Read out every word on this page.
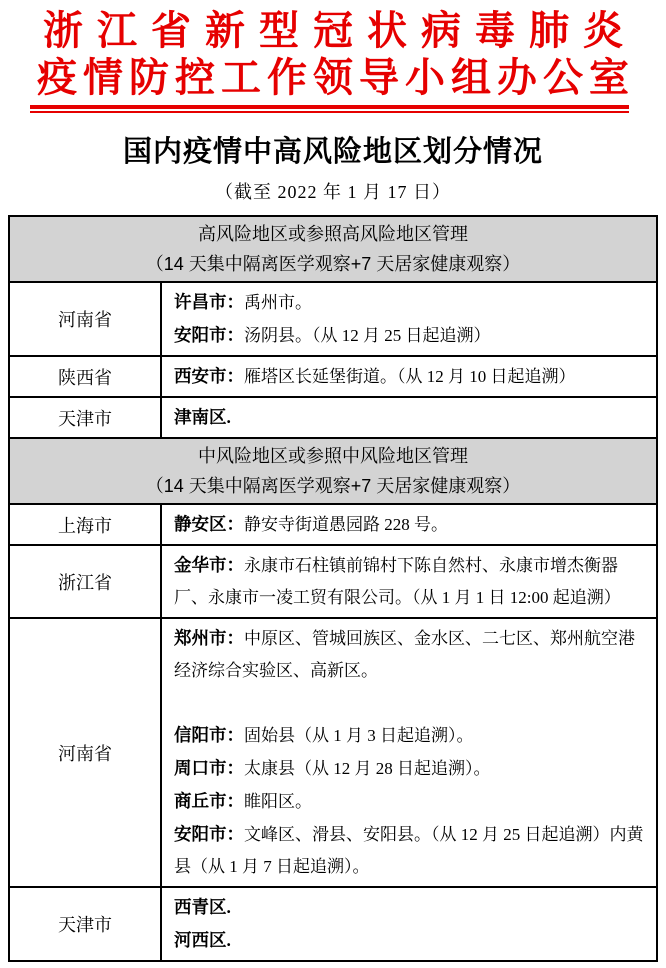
浙江省新型冠状病毒肺炎
疫情防控工作领导小组办公室
国内疫情中高风险地区划分情况
（截至 2022 年 1 月 17 日）
高风险地区或参照高风险地区管理
（14 天集中隔离医学观察+7 天居家健康观察）	

河南省	许昌市：禹州市。

安阳市：汤阴县。（从 12 月 25 日起追溯）

陕西省	西安市：雁塔区长延堡街道。（从 12 月 10 日起追溯）

天津市	津南区.

中风险地区或参照中风险地区管理
（14 天集中隔离医学观察+7 天居家健康观察）	

上海市	静安区：静安寺街道愚园路 228 号。

浙江省	金华市：永康市石柱镇前锦村下陈自然村、永康市增杰衡器厂、永康市一凌工贸有限公司。（从 1 月 1 日 12:00 起追溯）

河南省	郑州市：中原区、管城回族区、金水区、二七区、郑州航空港经济综合实验区、高新区。

信阳市：固始县（从 1 月 3 日起追溯）。

周口市：太康县（从 12 月 28 日起追溯）。

商丘市：睢阳区。

安阳市：文峰区、滑县、安阳县。（从 12 月 25 日起追溯）内黄县（从 1 月 7 日起追溯）。

天津市	西青区.

河西区.
